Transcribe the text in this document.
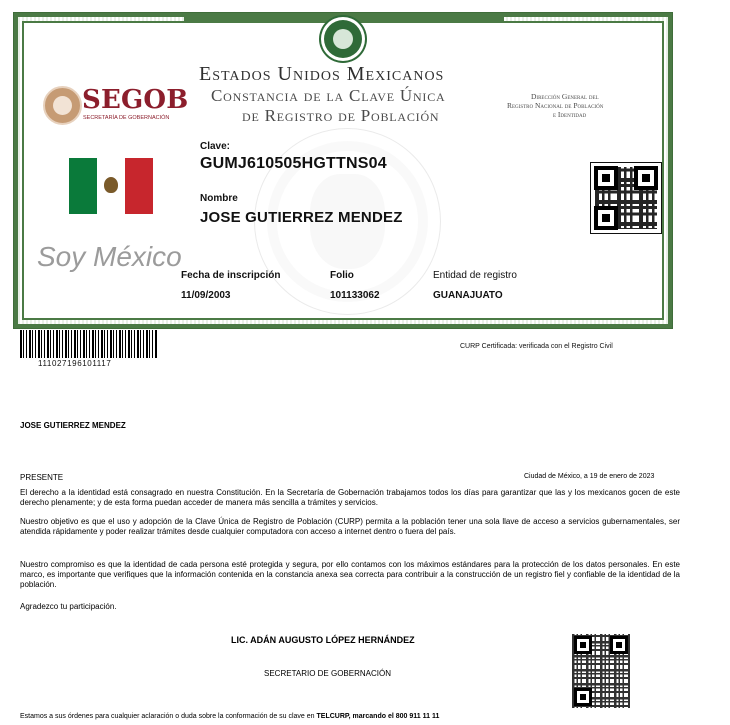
SEGOB
SECRETARÍA DE GOBERNACIÓN
Estados Unidos Mexicanos
Constancia de la Clave Única
de Registro de Población
Dirección General del
Registro Nacional de Población
e Identidad
Soy México
Clave:
GUMJ610505HGTTNS04
Nombre
JOSE GUTIERREZ MENDEZ
Fecha de inscripción	Folio	Entidad de registro
11/09/2003	101133062	GUANAJUATO
111027196101117
CURP Certificada: verificada con el Registro Civil
JOSE GUTIERREZ MENDEZ
PRESENTE	Ciudad de México, a 19 de enero de 2023
El derecho a la identidad está consagrado en nuestra Constitución. En la Secretaría de Gobernación trabajamos todos los días para garantizar que las y los mexicanos gocen de este derecho plenamente; y de esta forma puedan acceder de manera más sencilla a trámites y servicios.
Nuestro objetivo es que el uso y adopción de la Clave Única de Registro de Población (CURP) permita a la población tener una sola llave de acceso a servicios gubernamentales, ser atendida rápidamente y poder realizar trámites desde cualquier computadora con acceso a internet dentro o fuera del país.
Nuestro compromiso es que la identidad de cada persona esté protegida y segura, por ello contamos con los máximos estándares para la protección de los datos personales. En este marco, es importante que verifiques que la información contenida en la constancia anexa sea correcta para contribuir a la construcción de un registro fiel y confiable de la identidad de la población.
Agradezco tu participación.
LIC. ADÁN AUGUSTO LÓPEZ HERNÁNDEZ
SECRETARIO DE GOBERNACIÓN
Estamos a sus órdenes para cualquier aclaración o duda sobre la conformación de su clave en TELCURP, marcando el 800 911 11 11
